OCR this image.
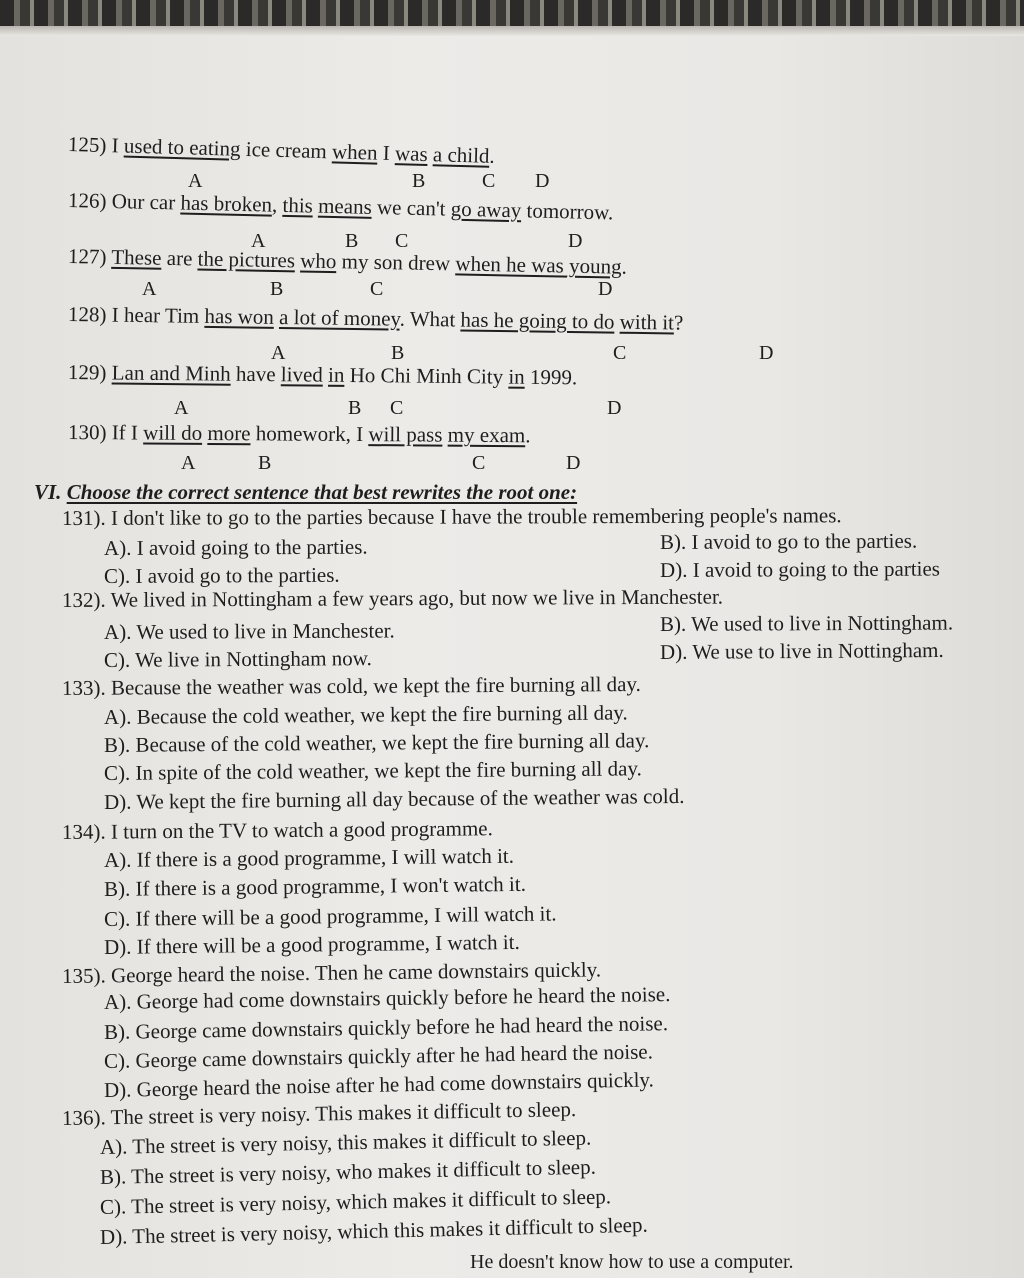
125) I used to eating ice cream when I was a child.
A	B	C D
126) Our car has broken, this means we can't go away tomorrow.
A	B C	D
127) These are the pictures who my son drew when he was young.
A	B	C	D
128) I hear Tim has won a lot of money. What has he going to do with it?
A	B	C	D
129) Lan and Minh have lived in Ho Chi Minh City in 1999.
A	B C	D
130) If I will do more homework, I will pass my exam.
A	B	C	D
VI. Choose the correct sentence that best rewrites the root one:
131). I don't like to go to the parties because I have the trouble remembering people's names.
A). I avoid going to the parties.	B). I avoid to go to the parties.
C). I avoid go to the parties.	D). I avoid to going to the parties
132). We lived in Nottingham a few years ago, but now we live in Manchester.
A). We used to live in Manchester.	B). We used to live in Nottingham.
C). We live in Nottingham now.	D). We use to live in Nottingham.
133). Because the weather was cold, we kept the fire burning all day.
A). Because the cold weather, we kept the fire burning all day.
B). Because of the cold weather, we kept the fire burning all day.
C). In spite of the cold weather, we kept the fire burning all day.
D). We kept the fire burning all day because of the weather was cold.
134). I turn on the TV to watch a good programme.
A). If there is a good programme, I will watch it.
B). If there is a good programme, I won't watch it.
C). If there will be a good programme, I will watch it.
D). If there will be a good programme, I watch it.
135). George heard the noise. Then he came downstairs quickly.
A). George had come downstairs quickly before he heard the noise.
B). George came downstairs quickly before he had heard the noise.
C). George came downstairs quickly after he had heard the noise.
D). George heard the noise after he had come downstairs quickly.
136). The street is very noisy. This makes it difficult to sleep.
A). The street is very noisy, this makes it difficult to sleep.
B). The street is very noisy, who makes it difficult to sleep.
C). The street is very noisy, which makes it difficult to sleep.
D). The street is very noisy, which this makes it difficult to sleep.
He doesn't know how to use a computer.
